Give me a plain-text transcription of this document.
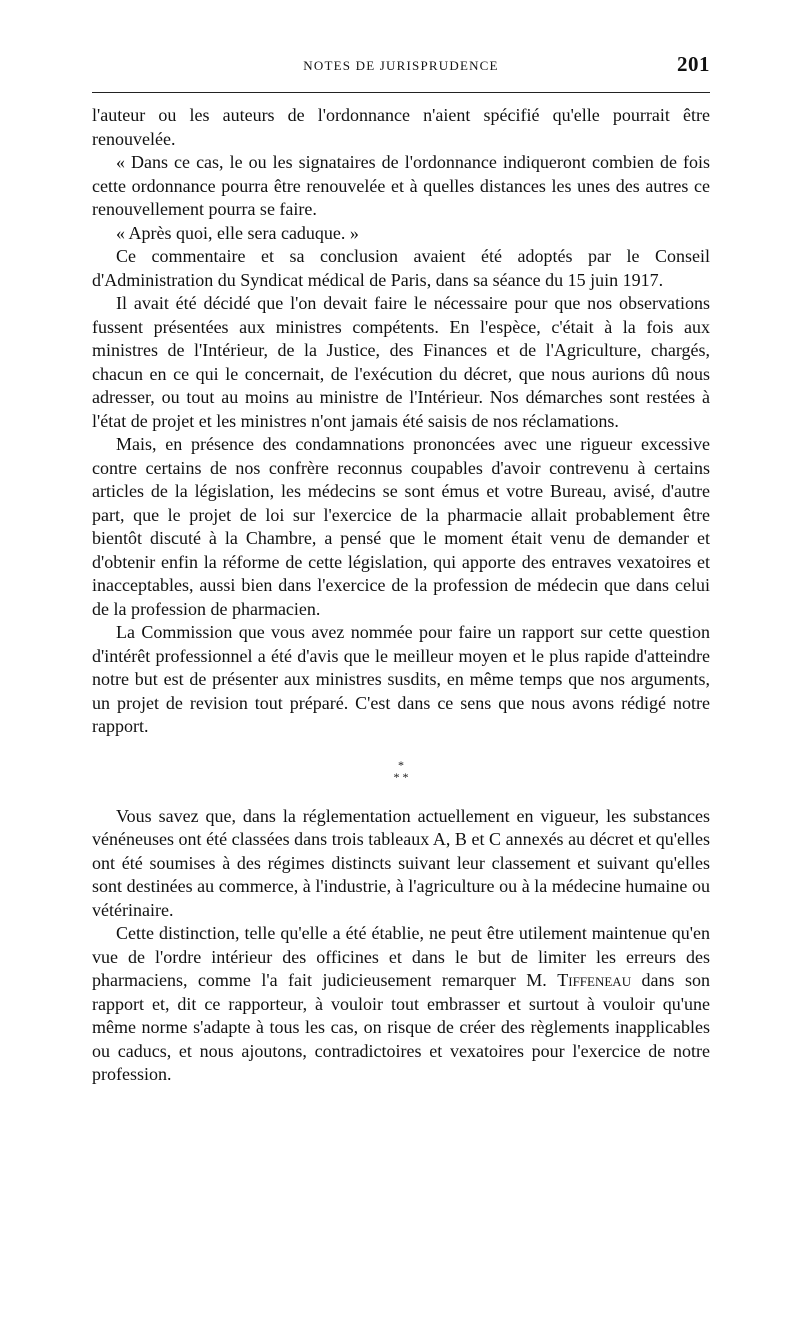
NOTES DE JURISPRUDENCE	201

l'auteur ou les auteurs de l'ordonnance n'aient spécifié qu'elle pourrait être renouvelée.

« Dans ce cas, le ou les signataires de l'ordonnance indiqueront combien de fois cette ordonnance pourra être renouvelée et à quelles distances les unes des autres ce renouvellement pourra se faire.

« Après quoi, elle sera caduque. »

Ce commentaire et sa conclusion avaient été adoptés par le Conseil d'Administration du Syndicat médical de Paris, dans sa séance du 15 juin 1917.

Il avait été décidé que l'on devait faire le nécessaire pour que nos observations fussent présentées aux ministres compétents. En l'espèce, c'était à la fois aux ministres de l'Intérieur, de la Justice, des Finances et de l'Agriculture, chargés, chacun en ce qui le concernait, de l'exécution du décret, que nous aurions dû nous adresser, ou tout au moins au ministre de l'Intérieur. Nos démarches sont restées à l'état de projet et les ministres n'ont jamais été saisis de nos réclamations.

Mais, en présence des condamnations prononcées avec une rigueur excessive contre certains de nos confrère reconnus coupables d'avoir contrevenu à certains articles de la législation, les médecins se sont émus et votre Bureau, avisé, d'autre part, que le projet de loi sur l'exercice de la pharmacie allait probablement être bientôt discuté à la Chambre, a pensé que le moment était venu de demander et d'obtenir enfin la réforme de cette législation, qui apporte des entraves vexatoires et inacceptables, aussi bien dans l'exercice de la profession de médecin que dans celui de la profession de pharmacien.

La Commission que vous avez nommée pour faire un rapport sur cette question d'intérêt professionnel a été d'avis que le meilleur moyen et le plus rapide d'atteindre notre but est de présenter aux ministres susdits, en même temps que nos arguments, un projet de revision tout préparé. C'est dans ce sens que nous avons rédigé notre rapport.

*
* *

Vous savez que, dans la réglementation actuellement en vigueur, les substances vénéneuses ont été classées dans trois tableaux A, B et C annexés au décret et qu'elles ont été soumises à des régimes distincts suivant leur classement et suivant qu'elles sont destinées au commerce, à l'industrie, à l'agriculture ou à la médecine humaine ou vétérinaire.

Cette distinction, telle qu'elle a été établie, ne peut être utilement maintenue qu'en vue de l'ordre intérieur des officines et dans le but de limiter les erreurs des pharmaciens, comme l'a fait judicieusement remarquer M. Tiffeneau dans son rapport et, dit ce rapporteur, à vouloir tout embrasser et surtout à vouloir qu'une même norme s'adapte à tous les cas, on risque de créer des règlements inapplicables ou caducs, et nous ajoutons, contradictoires et vexatoires pour l'exercice de notre profession.
